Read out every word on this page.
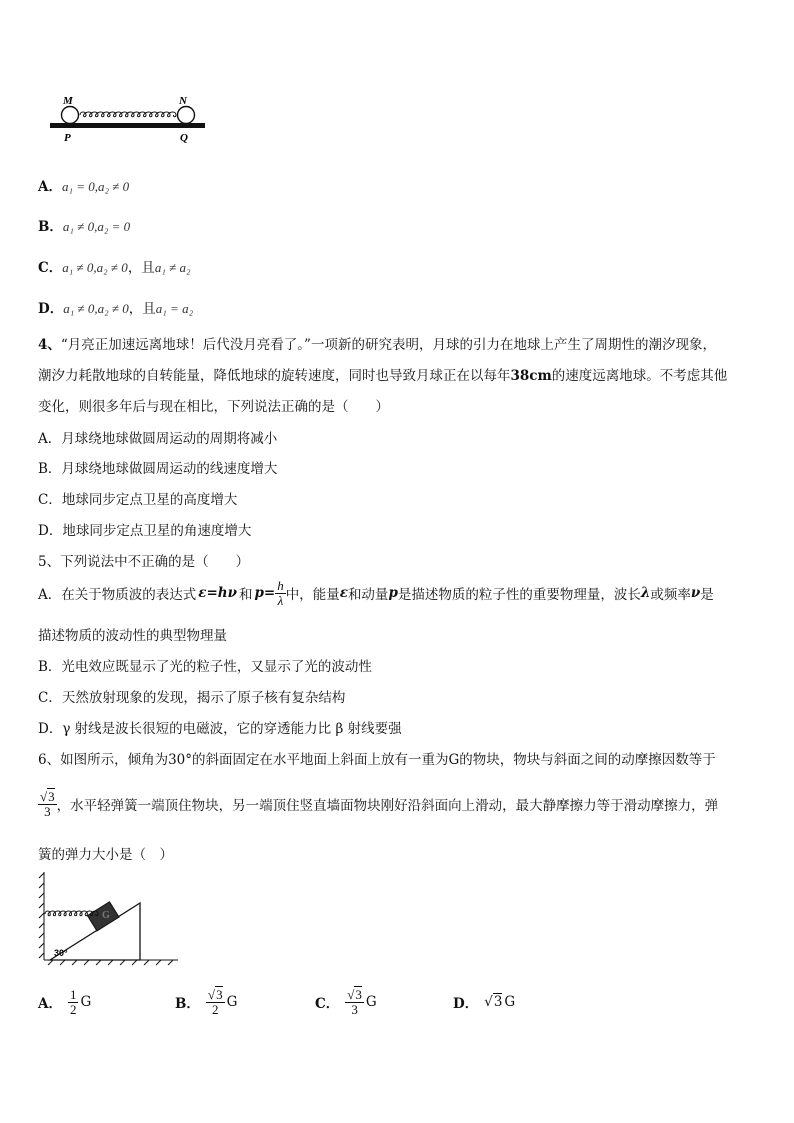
M	N
P	Q
A．a₁ = 0,a₂ ≠ 0
B．a₁ ≠ 0,a₂ = 0
C．a₁ ≠ 0,a₂ ≠ 0，且a₁ ≠ a₂
D．a₁ ≠ 0,a₂ ≠ 0，且a₁ = a₂
4、“月亮正加速远离地球！后代没月亮看了。”一项新的研究表明，月球的引力在地球上产生了周期性的潮汐现象，
潮汐力耗散地球的自转能量，降低地球的旋转速度，同时也导致月球正在以每年38cm的速度远离地球。不考虑其他
变化，则很多年后与现在相比，下列说法正确的是（　　）
A．月球绕地球做圆周运动的周期将减小
B．月球绕地球做圆周运动的线速度增大
C．地球同步定点卫星的高度增大
D．地球同步定点卫星的角速度增大
5、下列说法中不正确的是（　　）
A．在关于物质波的表达式 ε=hν 和 $p= \frac{h}{\lambda}$ 中，能量 ε 和动量 p 是描述物质的粒子性的重要物理量，波长 λ 或频率 ν 是
描述物质的波动性的典型物理量
B．光电效应既显示了光的粒子性，又显示了光的波动性
C．天然放射现象的发现，揭示了原子核有复杂结构
D．γ 射线是波长很短的电磁波，它的穿透能力比 β 射线要强
6、如图所示，倾角为30°的斜面固定在水平地面上斜面上放有一重为G的物块，物块与斜面之间的动摩擦因数等于
$\frac{√3}{3}$ ，水平轻弹簧一端顶住物块，另一端顶住竖直墙面物块刚好沿斜面向上滑动，最大静摩擦力等于滑动摩擦力，弹
簧的弹力大小是（　）
G
30°
A． $\frac{1}{2}$ G	B． $\frac{√3}{2}$ G	C． $\frac{√3}{3}$ G	D． √3 G
